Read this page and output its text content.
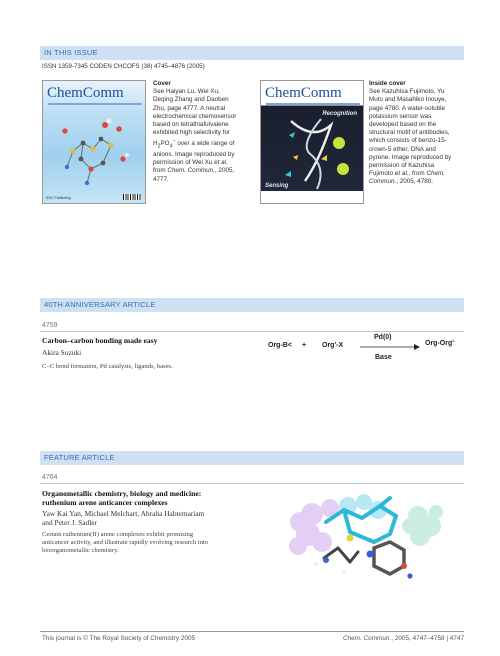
IN THIS ISSUE
ISSN 1359-7345 CODEN CHCOFS (38) 4745–4876 (2005)
ChemComm
RSC Publishing
Cover
See Haiyan Lu, Wei Xu, Deqing Zhang and Daoben Zhu, page 4777. A neutral electrochemical chemosensor based on tetrathiafulvalene exhibited high selectivity for $H_2PO_4^-$ over a wide range of anions. Image reproduced by permission of Wei Xu et al, from Chem. Commun., 2005, 4777.
ChemComm
Recognition
Sensing
Inside cover
See Kazuhisa Fujimoto, Yu Muto and Masahiko Inouye, page 4780. A water-soluble potassium sensor was developed based on the structural motif of antibodies, which consists of benzo-15-crown-5 ether, DNA and pyrene. Image reproduced by permission of Kazuhisa Fujimoto et al., from Chem. Commun., 2005, 4780.
40TH ANNIVERSARY ARTICLE
4759
Carbon–carbon bonding made easy
Akira Suzuki
C–C bond formation, Pd catalysts, ligands, bases.
Org-B< + Org'-X
Pd(0)
Base
Org-Org'
FEATURE ARTICLE
4764
Organometallic chemistry, biology and medicine:
ruthenium arene anticancer complexes
Yaw Kai Yan, Michael Melchart, Abraha Habtemariam
and Peter J. Sadler
Certain ruthenium(II) arene complexes exhibit promising
anticancer activity, and illustrate rapidly evolving research into
bioorganometallic chemistry.
This journal is © The Royal Society of Chemistry 2005	Chem. Commun., 2005, 4747–4758 | 4747
